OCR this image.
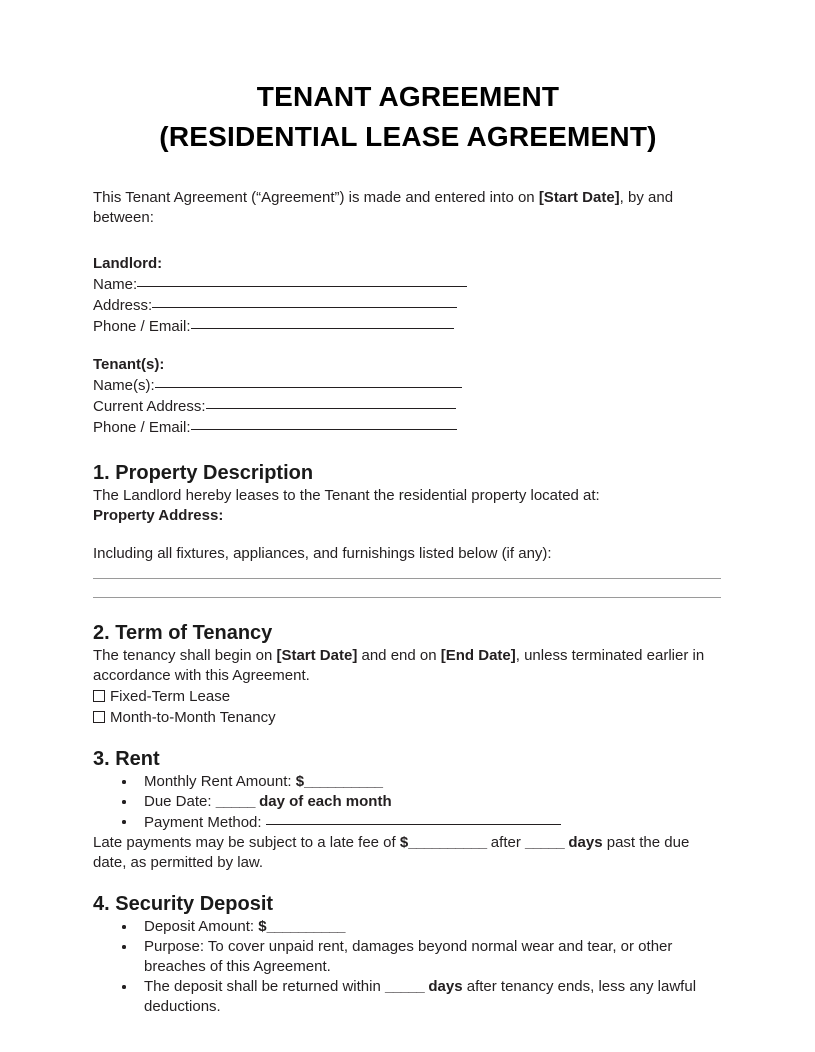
TENANT AGREEMENT
(RESIDENTIAL LEASE AGREEMENT)

This Tenant Agreement (“Agreement”) is made and entered into on [Start Date], by and between:

Landlord:
Name:
Address:
Phone / Email:
Tenant(s):
Name(s):
Current Address:
Phone / Email:
1. Property Description

The Landlord hereby leases to the Tenant the residential property located at:

Property Address:

Including all fixtures, appliances, and furnishings listed below (if any):

2. Term of Tenancy

The tenancy shall begin on [Start Date] and end on [End Date], unless terminated earlier in accordance with this Agreement.

Fixed-Term Lease
Month-to-Month Tenancy
3. Rent
Monthly Rent Amount: $__________
Due Date: _____ day of each month
Payment Method:

Late payments may be subject to a late fee of $__________ after _____ days past the due date, as permitted by law.

4. Security Deposit
Deposit Amount: $__________
Purpose: To cover unpaid rent, damages beyond normal wear and tear, or other breaches of this Agreement.
The deposit shall be returned within _____ days after tenancy ends, less any lawful deductions.
